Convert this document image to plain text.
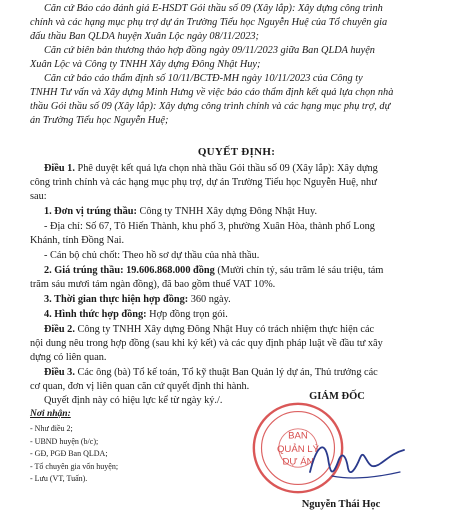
Căn cứ Báo cáo đánh giá E-HSDT Gói thầu số 09 (Xây lắp): Xây dựng công trình
chính và các hạng mục phụ trợ dự án Trường Tiểu học Nguyễn Huệ của Tổ chuyên gia
đấu thầu Ban QLDA huyện Xuân Lộc ngày 08/11/2023;
Căn cứ biên bản thương thảo hợp đồng ngày 09/11/2023 giữa Ban QLDA huyện
Xuân Lộc và Công ty TNHH Xây dựng Đông Nhật Huy;
Căn cứ báo cáo thẩm định số 10/11/BCTĐ-MH ngày 10/11/2023 của Công ty
TNHH Tư vấn và Xây dựng Minh Hưng về việc báo cáo thẩm định kết quả lựa chọn nhà
thầu Gói thầu số 09 (Xây lắp): Xây dựng công trình chính và các hạng mục phụ trợ, dự
án Trường Tiểu học Nguyễn Huệ;
QUYẾT ĐỊNH:
Điều 1. Phê duyệt kết quả lựa chọn nhà thầu Gói thầu số 09 (Xây lắp): Xây dựng
công trình chính và các hạng mục phụ trợ, dự án Trường Tiểu học Nguyễn Huệ, như
sau:
1. Đơn vị trúng thầu: Công ty TNHH Xây dựng Đông Nhật Huy.
- Địa chỉ: Số 67, Tô Hiến Thành, khu phố 3, phường Xuân Hòa, thành phố Long
Khánh, tỉnh Đồng Nai.
- Cán bộ chủ chốt: Theo hồ sơ dự thầu của nhà thầu.
2. Giá trúng thầu: 19.606.868.000 đồng (Mười chín tỷ, sáu trăm lẻ sáu triệu, tám
trăm sáu mươi tám ngàn đồng), đã bao gồm thuế VAT 10%.
3. Thời gian thực hiện hợp đồng: 360 ngày.
4. Hình thức hợp đồng: Hợp đồng trọn gói.
Điều 2. Công ty TNHH Xây dựng Đông Nhật Huy có trách nhiệm thực hiện các
nội dung nêu trong hợp đồng (sau khi ký kết) và các quy định pháp luật về đầu tư xây
dựng có liên quan.
Điều 3. Các ông (bà) Tổ kế toán, Tổ kỹ thuật Ban Quản lý dự án, Thủ trưởng các
cơ quan, đơn vị liên quan căn cứ quyết định thi hành.
Quyết định này có hiệu lực kể từ ngày ký./.
Nơi nhận:
- Như điều 2;
- UBND huyện (b/c);
- GĐ, PGĐ Ban QLDA;
- Tổ chuyên gia vốn huyện;
- Lưu (VT, Tuấn).
GIÁM ĐỐC
BAN
QUẢN LÝ
DỰ ÁN
Nguyễn Thái Học
